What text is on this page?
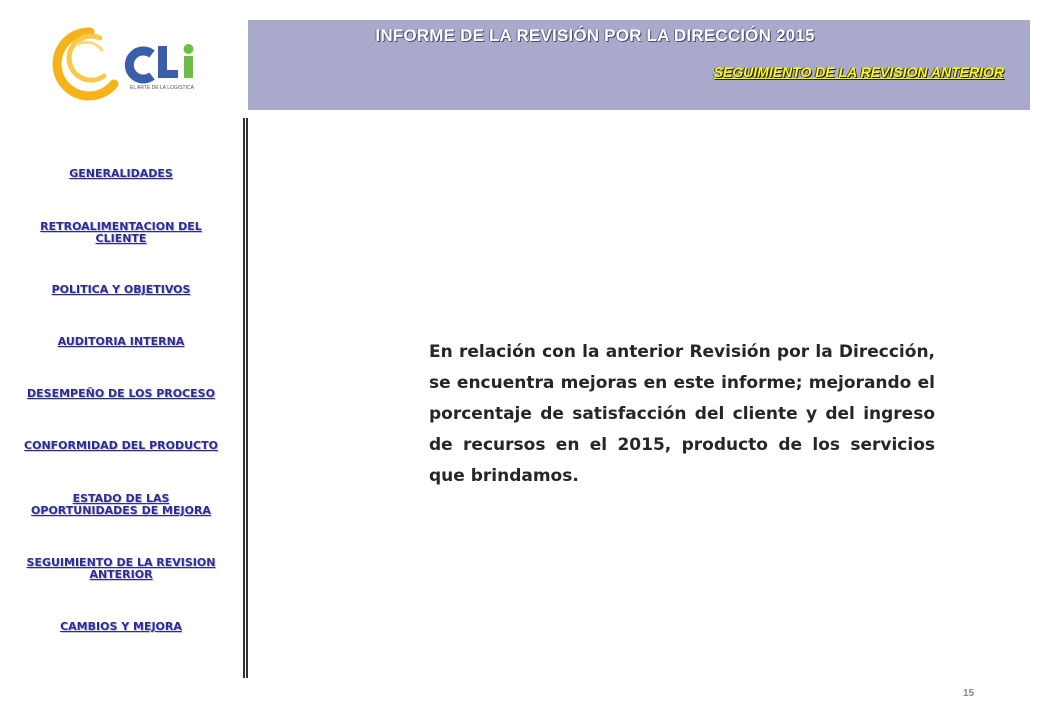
EL ARTE DE LA LOGISTICA
INFORME DE LA REVISIÓN POR LA DIRECCIÓN 2015
SEGUIMIENTO DE LA REVISION ANTERIOR
GENERALIDADES
RETROALIMENTACION DEL CLIENTE
POLITICA Y OBJETIVOS
AUDITORIA INTERNA
DESEMPEÑO DE LOS PROCESO
CONFORMIDAD DEL PRODUCTO
ESTADO DE LAS OPORTUNIDADES DE MEJORA
SEGUIMIENTO DE LA REVISION ANTERIOR
CAMBIOS Y MEJORA

En relación con la anterior Revisión por la Dirección, se encuentra mejoras en este informe; mejorando el porcentaje de satisfacción del cliente y del ingreso de recursos en el 2015, producto de los servicios que brindamos.

15
